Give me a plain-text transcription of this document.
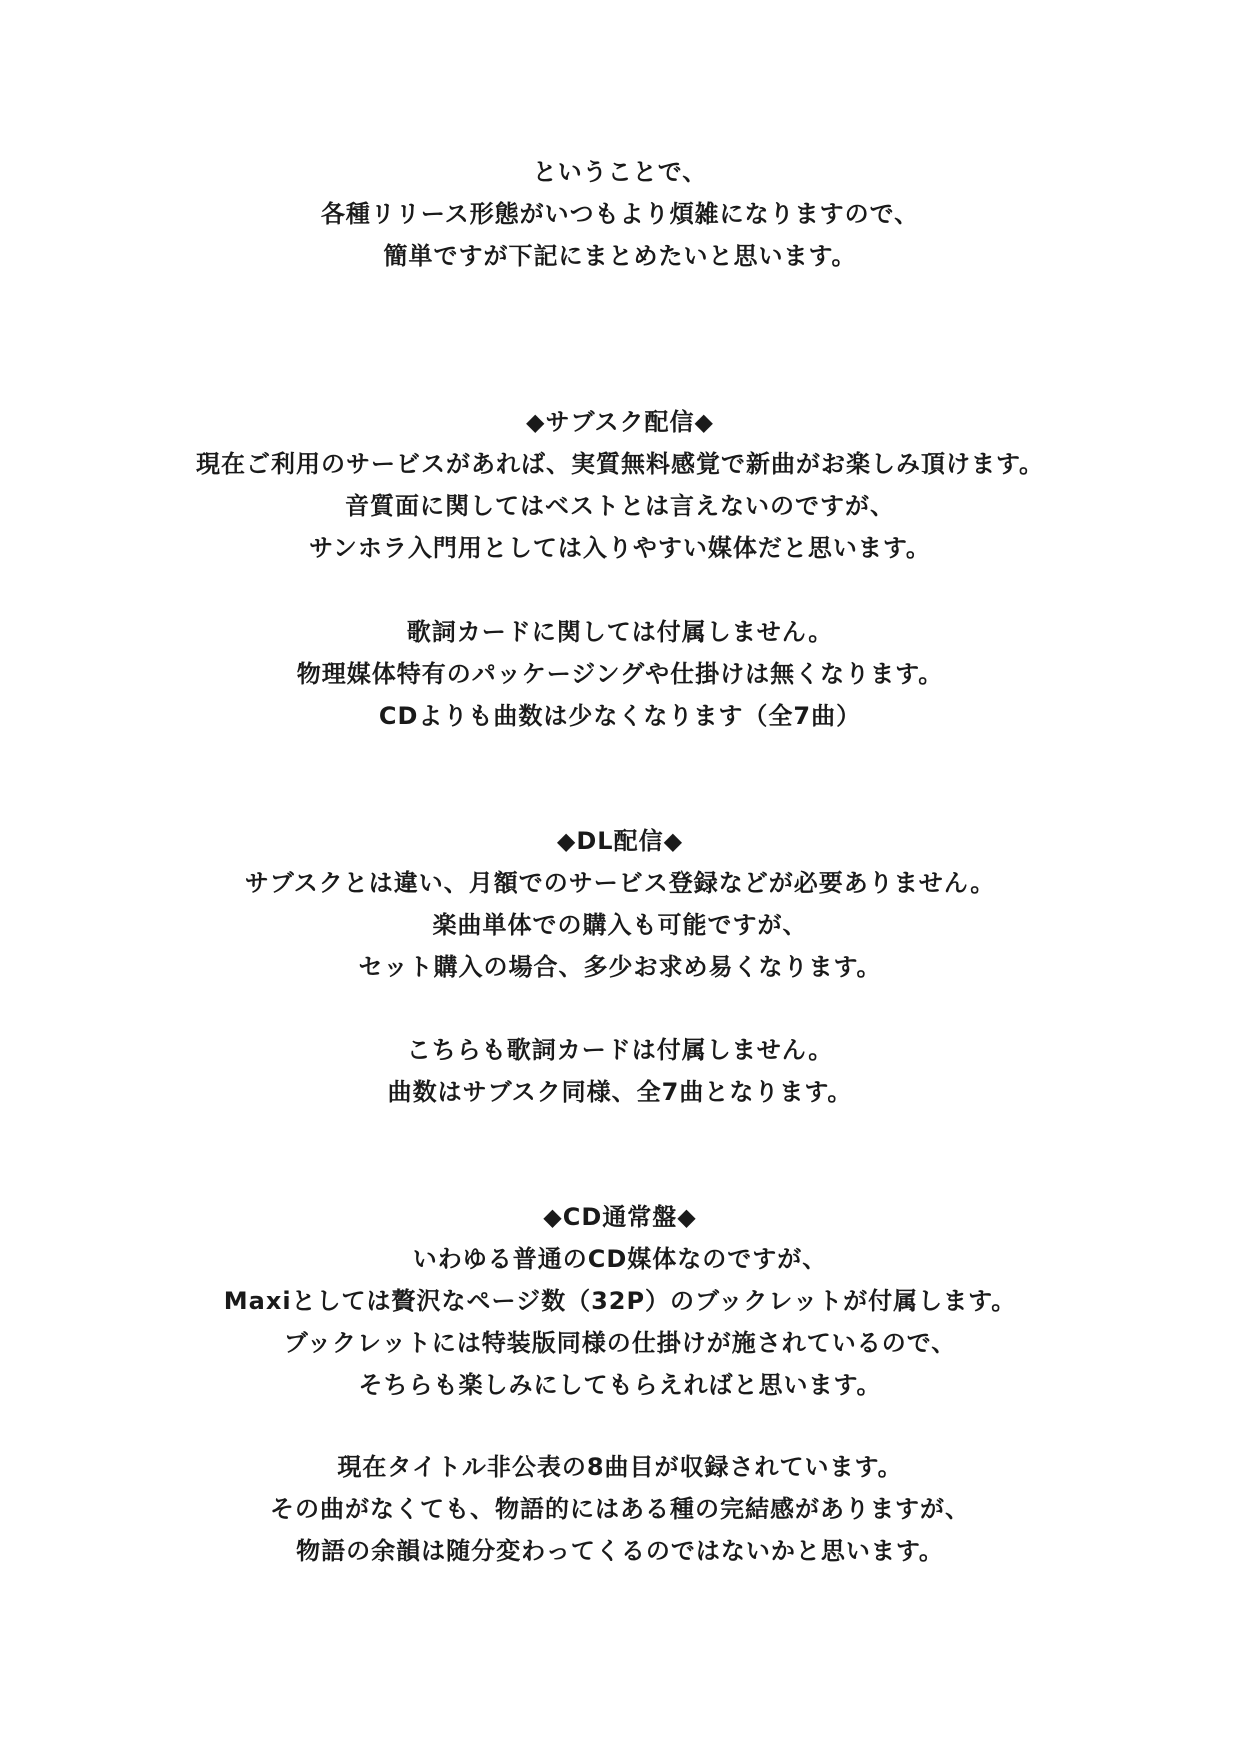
ということで、
各種リリース形態がいつもより煩雑になりますので、
簡単ですが下記にまとめたいと思います。
◆サブスク配信◆
現在ご利用のサービスがあれば、実質無料感覚で新曲がお楽しみ頂けます。
音質面に関してはベストとは言えないのですが、
サンホラ入門用としては入りやすい媒体だと思います。
歌詞カードに関しては付属しません。
物理媒体特有のパッケージングや仕掛けは無くなります。
CDよりも曲数は少なくなります（全7曲）
◆DL配信◆
サブスクとは違い、月額でのサービス登録などが必要ありません。
楽曲単体での購入も可能ですが、
セット購入の場合、多少お求め易くなります。
こちらも歌詞カードは付属しません。
曲数はサブスク同様、全7曲となります。
◆CD通常盤◆
いわゆる普通のCD媒体なのですが、
Maxiとしては贅沢なページ数（32P）のブックレットが付属します。
ブックレットには特装版同様の仕掛けが施されているので、
そちらも楽しみにしてもらえればと思います。
現在タイトル非公表の8曲目が収録されています。
その曲がなくても、物語的にはある種の完結感がありますが、
物語の余韻は随分変わってくるのではないかと思います。
